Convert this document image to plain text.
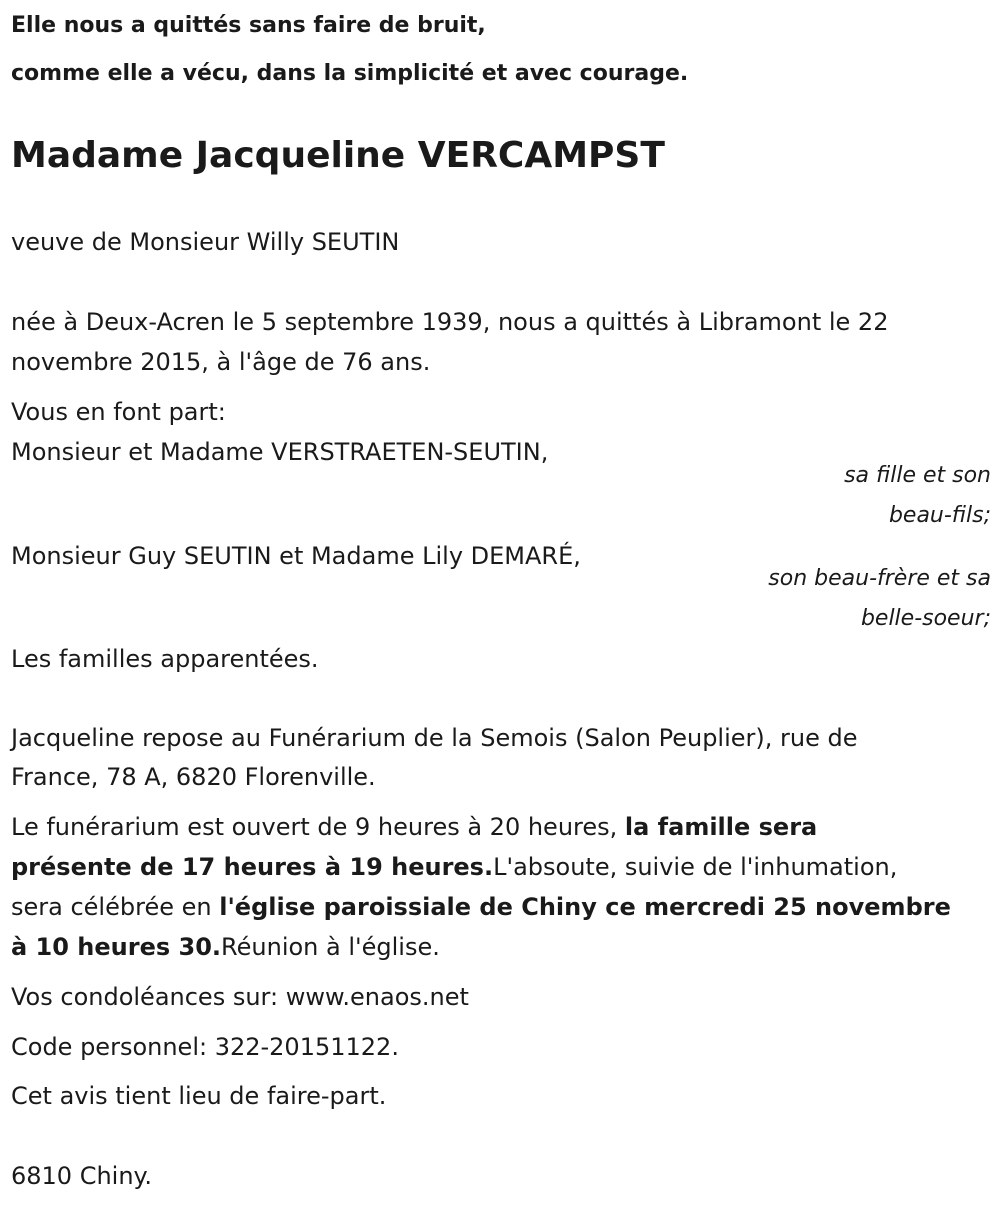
Elle nous a quittés sans faire de bruit,
comme elle a vécu, dans la simplicité et avec courage.
Madame Jacqueline VERCAMPST
veuve de Monsieur Willy SEUTIN
née à Deux-Acren le 5 septembre 1939, nous a quittés à Libramont le 22
novembre 2015, à l'âge de 76 ans.
Vous en font part:
Monsieur et Madame VERSTRAETEN-SEUTIN,
sa fille et son
beau-fils;
Monsieur Guy SEUTIN et Madame Lily DEMARÉ,
son beau-frère et sa
belle-soeur;
Les familles apparentées.
Jacqueline repose au Funérarium de la Semois (Salon Peuplier), rue de
France, 78 A, 6820 Florenville.
Le funérarium est ouvert de 9 heures à 20 heures, la famille sera
présente de 17 heures à 19 heures.L'absoute, suivie de l'inhumation,
sera célébrée en l'église paroissiale de Chiny ce mercredi 25 novembre
à 10 heures 30.Réunion à l'église.
Vos condoléances sur: www.enaos.net
Code personnel: 322-20151122.
Cet avis tient lieu de faire-part.
6810 Chiny.
